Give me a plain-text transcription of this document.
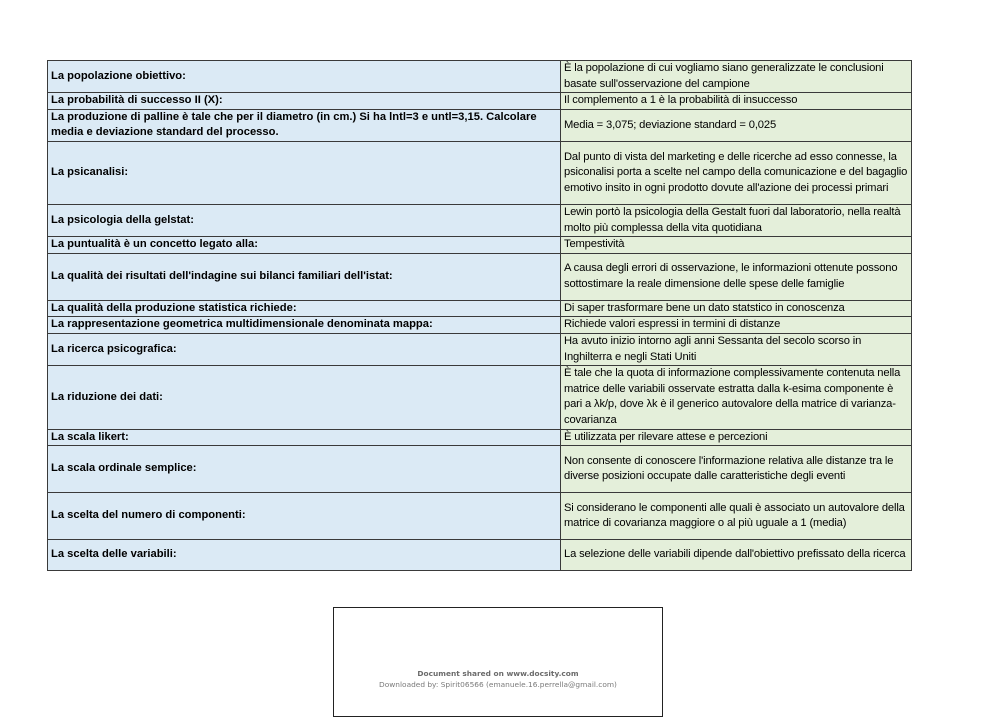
La popolazione obiettivo:	È la popolazione di cui vogliamo siano generalizzate le conclusioni basate sull'osservazione del campione
La probabilità di successo II (X):	Il complemento a 1 è la probabilità di insuccesso
La produzione di palline è tale che per il diametro (in cm.) Si ha lntl=3 e untl=3,15. Calcolare media e deviazione standard del processo.	Media = 3,075; deviazione standard = 0,025
La psicanalisi:	Dal punto di vista del marketing e delle ricerche ad esso connesse, la psiconalisi porta a scelte nel campo della comunicazione e del bagaglio emotivo insito in ogni prodotto dovute all'azione dei processi primari
La psicologia della gelstat:	Lewin portò la psicologia della Gestalt fuori dal laboratorio, nella realtà molto più complessa della vita quotidiana
La puntualità è un concetto legato alla:	Tempestività
La qualità dei risultati dell'indagine sui bilanci familiari dell'istat:	A causa degli errori di osservazione, le informazioni ottenute possono sottostimare la reale dimensione delle spese delle famiglie
La qualità della produzione statistica richiede:	Di saper trasformare bene un dato statstico in conoscenza
La rappresentazione geometrica multidimensionale denominata mappa:	Richiede valori espressi in termini di distanze
La ricerca psicografica:	Ha avuto inizio intorno agli anni Sessanta del secolo scorso in Inghilterra e negli Stati Uniti
La riduzione dei dati:	È tale che la quota di informazione complessivamente contenuta nella matrice delle variabili osservate estratta dalla k-esima componente è pari a λk/p, dove λk è il generico autovalore della matrice di varianza-covarianza
La scala likert:	È utilizzata per rilevare attese e percezioni
La scala ordinale semplice:	Non consente di conoscere l'informazione relativa alle distanze tra le diverse posizioni occupate dalle caratteristiche degli eventi
La scelta del numero di componenti:	Si considerano le componenti alle quali è associato un autovalore della matrice di covarianza maggiore o al più uguale a 1 (media)
La scelta delle variabili:	La selezione delle variabili dipende dall'obiettivo prefissato della ricerca
Document shared on www.docsity.com
Downloaded by: Spirit06566 (emanuele.16.perrella@gmail.com)
